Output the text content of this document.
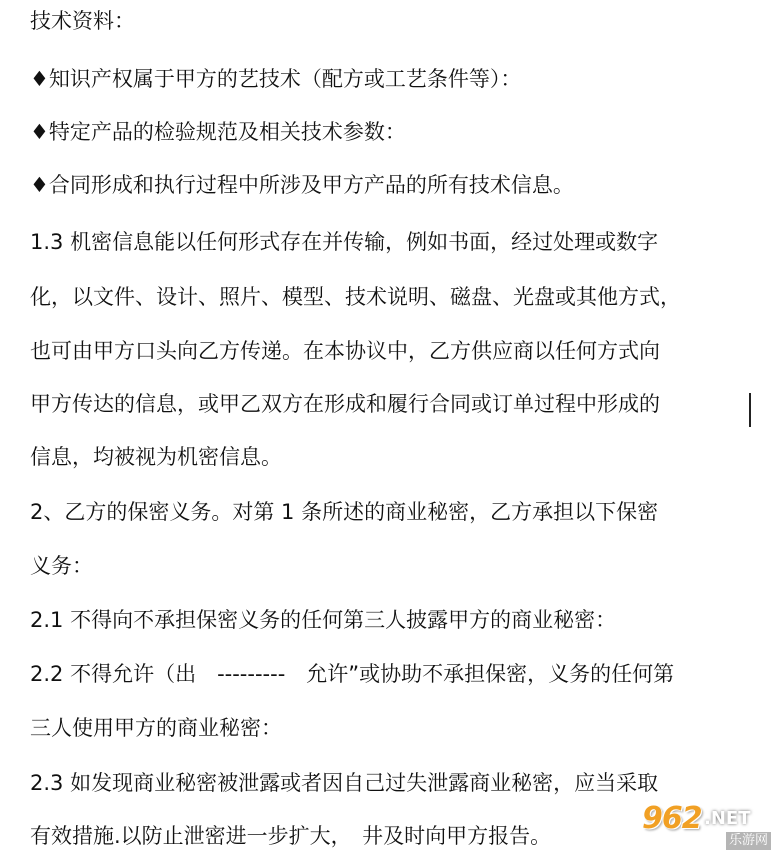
技术资料：
♦知识产权属于甲方的艺技术（配方或工艺条件等）：
♦特定产品的检验规范及相关技术参数：
♦合同形成和执行过程中所涉及甲方产品的所有技术信息。
1.3 机密信息能以任何形式存在并传输，例如书面，经过处理或数字
化，以文件、设计、照片、模型、技术说明、磁盘、光盘或其他方式，
也可由甲方口头向乙方传递。在本协议中，乙方供应商以任何方式向
甲方传达的信息，或甲乙双方在形成和履行合同或订单过程中形成的
信息，均被视为机密信息。
2、乙方的保密义务。对第 1 条所述的商业秘密，乙方承担以下保密
义务：
2.1 不得向不承担保密义务的任何第三人披露甲方的商业秘密：
2.2 不得允许（出　---------　允许”或协助不承担保密，义务的任何第
三人使用甲方的商业秘密：
2.3 如发现商业秘密被泄露或者因自己过失泄露商业秘密，应当采取
有效措施.以防止泄密进一步扩大，　井及时向甲方报告。	962 .NET
乐游网
